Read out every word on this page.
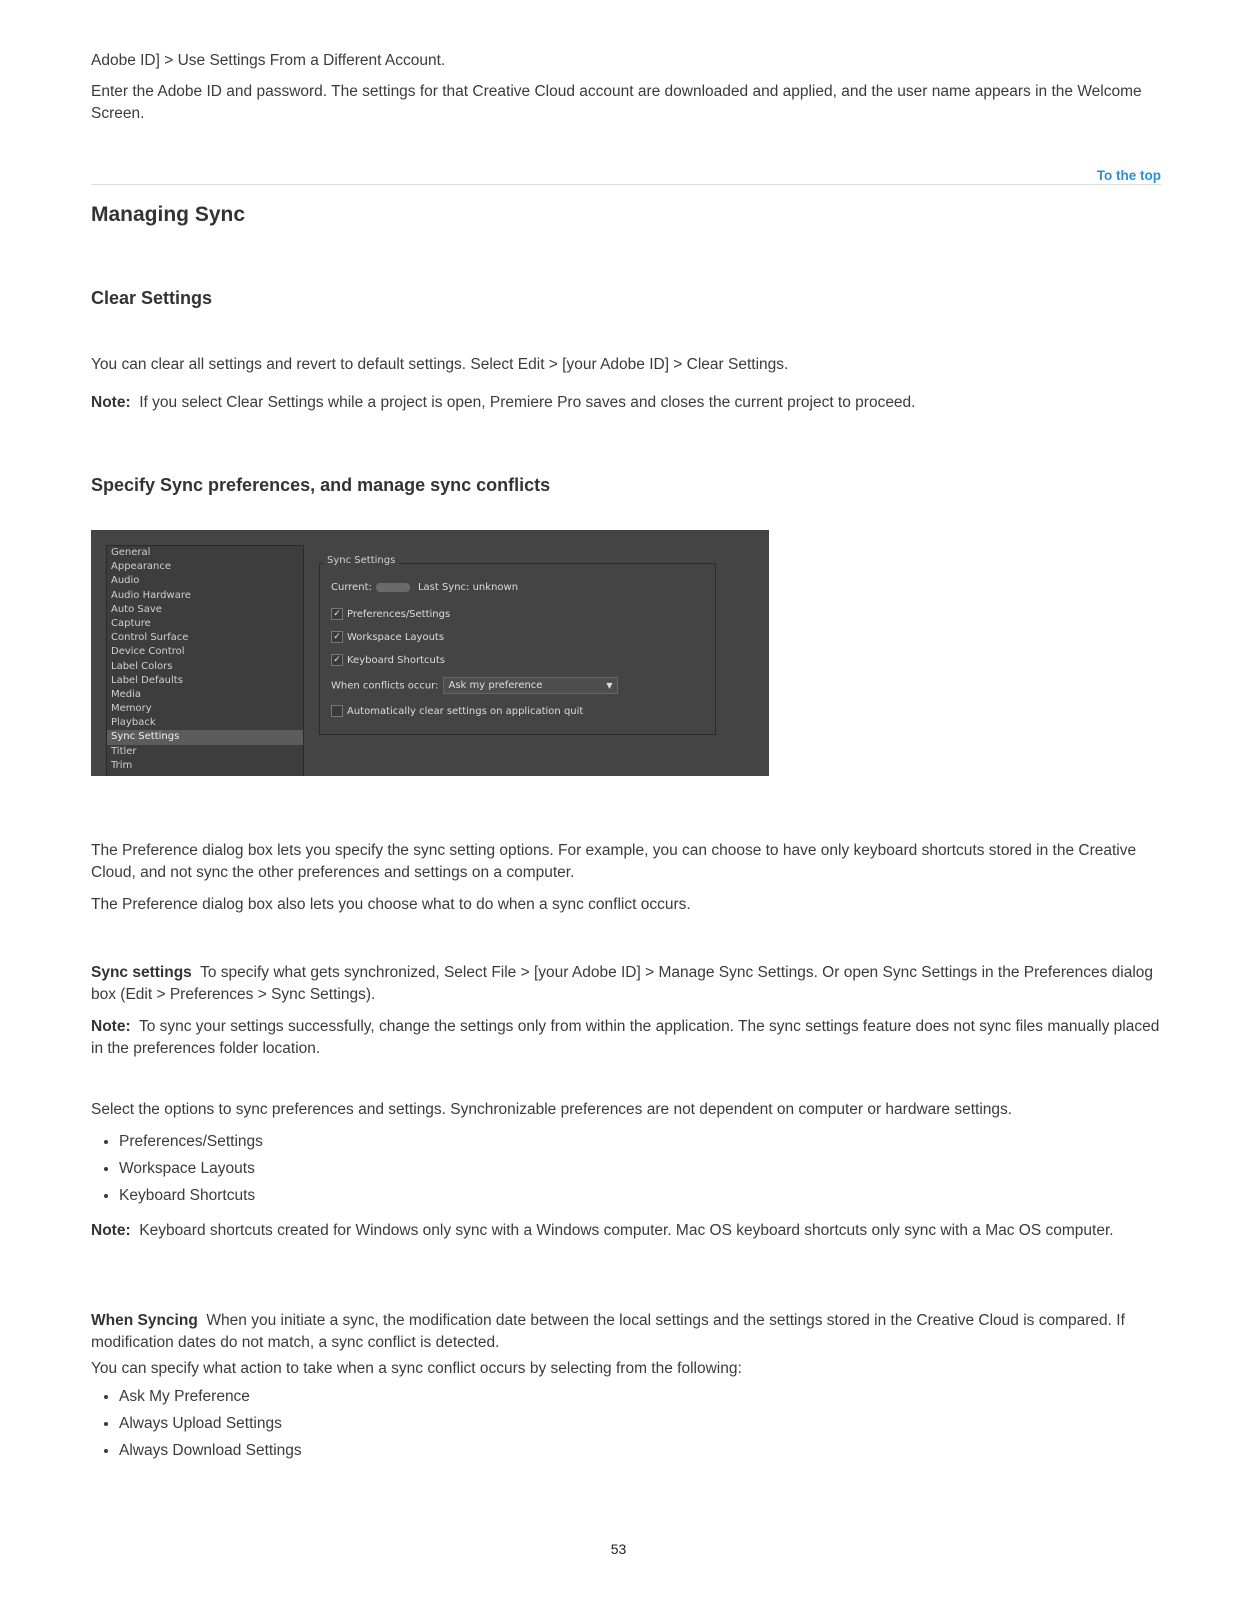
Adobe ID] > Use Settings From a Different Account.
Enter the Adobe ID and password. The settings for that Creative Cloud account are downloaded and applied, and the user name appears in the Welcome Screen.
To the top
Managing Sync
Clear Settings
You can clear all settings and revert to default settings. Select Edit > [your Adobe ID] > Clear Settings.
Note: If you select Clear Settings while a project is open, Premiere Pro saves and closes the current project to proceed.
Specify Sync preferences, and manage sync conflicts
General
Appearance
Audio
Audio Hardware
Auto Save
Capture
Control Surface
Device Control
Label Colors
Label Defaults
Media
Memory
Playback
Sync Settings
Titler
Trim
Sync Settings
Current:	Last Sync: unknown
✓ Preferences/Settings
✓ Workspace Layouts
✓ Keyboard Shortcuts
When conflicts occur: Ask my preference	▼
Automatically clear settings on application quit
The Preference dialog box lets you specify the sync setting options. For example, you can choose to have only keyboard shortcuts stored in the Creative Cloud, and not sync the other preferences and settings on a computer.
The Preference dialog box also lets you choose what to do when a sync conflict occurs.
Sync settings To specify what gets synchronized, Select File > [your Adobe ID] > Manage Sync Settings. Or open Sync Settings in the Preferences dialog box (Edit > Preferences > Sync Settings).
Note: To sync your settings successfully, change the settings only from within the application. The sync settings feature does not sync files manually placed in the preferences folder location.
Select the options to sync preferences and settings. Synchronizable preferences are not dependent on computer or hardware settings.
• Preferences/Settings
• Workspace Layouts
• Keyboard Shortcuts
Note: Keyboard shortcuts created for Windows only sync with a Windows computer. Mac OS keyboard shortcuts only sync with a Mac OS computer.
When Syncing When you initiate a sync, the modification date between the local settings and the settings stored in the Creative Cloud is compared. If modification dates do not match, a sync conflict is detected.
You can specify what action to take when a sync conflict occurs by selecting from the following:
• Ask My Preference
• Always Upload Settings
• Always Download Settings
53
